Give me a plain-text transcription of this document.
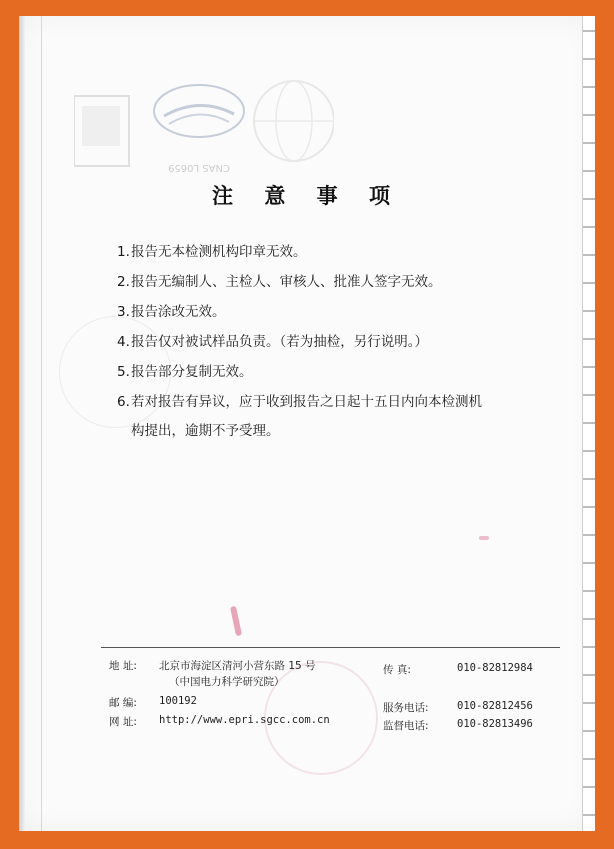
CNAS L0659
注 意 事 项
1.报告无本检测机构印章无效。
2.报告无编制人、主检人、审核人、批准人签字无效。
3.报告涂改无效。
4.报告仅对被试样品负责。（若为抽检，另行说明。）
5.报告部分复制无效。
6.若对报告有异议，应于收到报告之日起十五日内向本检测机
构提出，逾期不予受理。
地 址: 北京市海淀区清河小营东路 15 号
（中国电力科学研究院）
邮 编: 100192
网 址: http://www.epri.sgcc.com.cn
传 真:	010-82812984
服务电话:	010-82812456
监督电话:	010-82813496
